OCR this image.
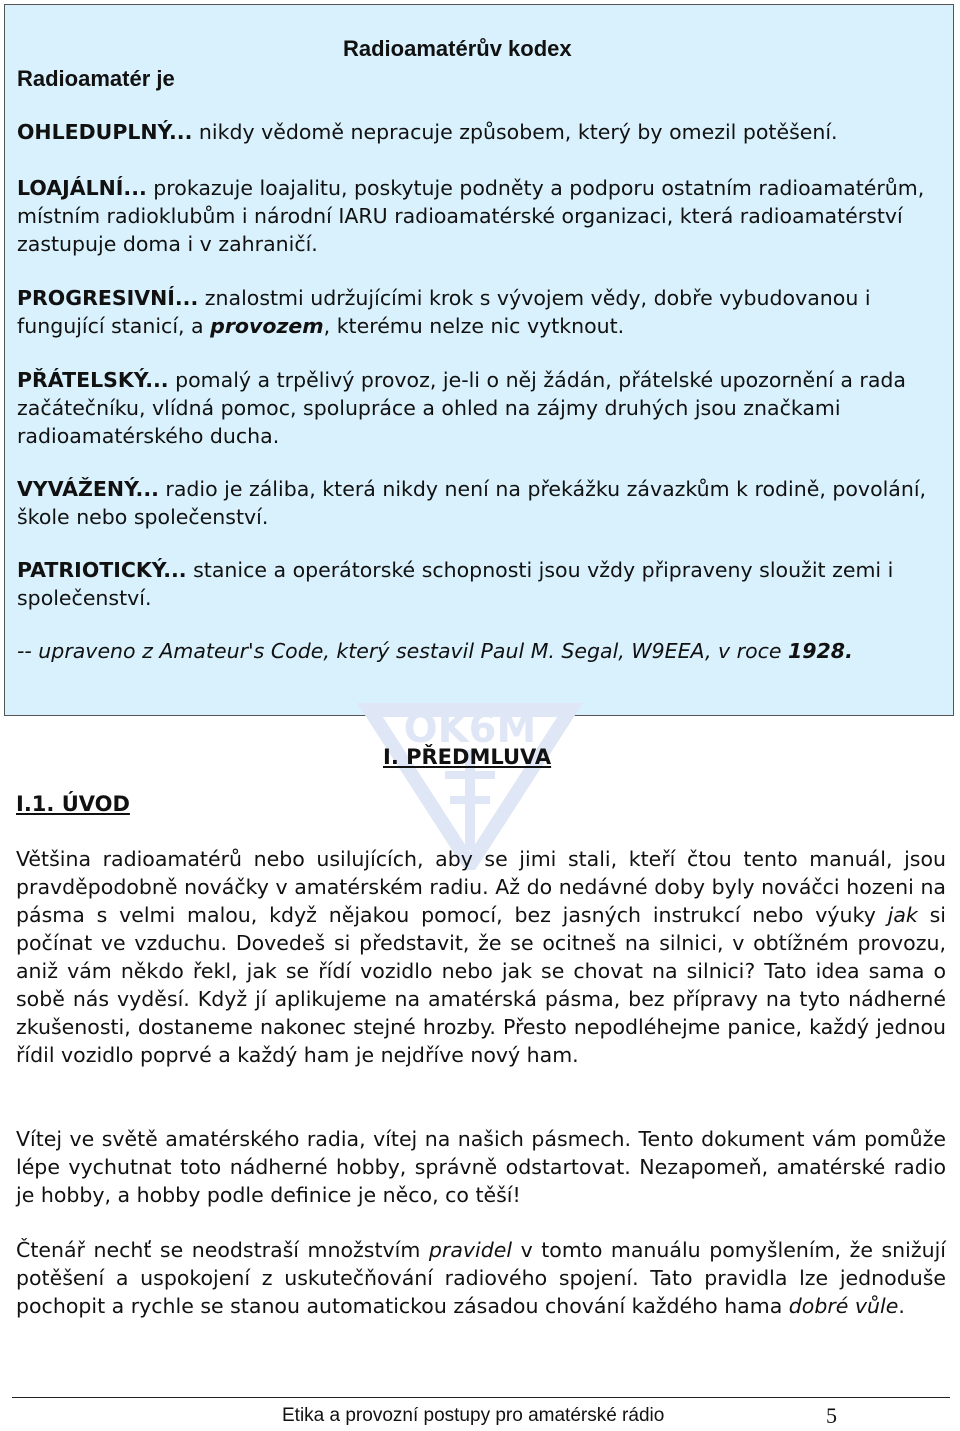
Radioamatérův kodex
Radioamatér je

OHLEDUPLNÝ... nikdy vědomě nepracuje způsobem, který by omezil potěšení.

LOAJÁLNÍ... prokazuje loajalitu, poskytuje podněty a podporu ostatním radioamatérům, místním radioklubům i národní IARU radioamatérské organizaci, která radioamatérství zastupuje doma i v zahraničí.

PROGRESIVNÍ... znalostmi udržujícími krok s vývojem vědy, dobře vybudovanou i fungující stanicí, a provozem, kterému nelze nic vytknout.

PŘÁTELSKÝ... pomalý a trpělivý provoz, je-li o něj žádán, přátelské upozornění a rada začátečníku, vlídná pomoc, spolupráce a ohled na zájmy druhých jsou značkami radioamatérského ducha.

VYVÁŽENÝ... radio je záliba, která nikdy není na překážku závazkům k rodině, povolání, škole nebo společenství.

PATRIOTICKÝ... stanice a operátorské schopnosti jsou vždy připraveny sloužit zemi i společenství.

-- upraveno z Amateur's Code, který sestavil Paul M. Segal, W9EEA, v roce 1928.

OK6M
I. PŘEDMLUVA
I.1. ÚVOD

Většina radioamatérů nebo usilujících, aby se jimi stali, kteří čtou tento manuál, jsou pravděpodobně nováčky v amatérském radiu. Až do nedávné doby byly nováčci hozeni na pásma s velmi malou, když nějakou pomocí, bez jasných instrukcí nebo výuky jak si počínat ve vzduchu. Dovedeš si představit, že se ocitneš na silnici, v obtížném provozu, aniž vám někdo řekl, jak se řídí vozidlo nebo jak se chovat na silnici? Tato idea sama o sobě nás vyděsí. Když jí aplikujeme na amatérská pásma, bez přípravy na tyto nádherné zkušenosti, dostaneme nakonec stejné hrozby. Přesto nepodléhejme panice, každý jednou řídil vozidlo poprvé a každý ham je nejdříve nový ham.

Vítej ve světě amatérského radia, vítej na našich pásmech. Tento dokument vám pomůže lépe vychutnat toto nádherné hobby, správně odstartovat. Nezapomeň, amatérské radio je hobby, a hobby podle definice je něco, co těší!

Čtenář nechť se neodstraší množstvím pravidel v tomto manuálu pomyšlením, že snižují potěšení a uspokojení z uskutečňování radiového spojení. Tato pravidla lze jednoduše pochopit a rychle se stanou automatickou zásadou chování každého hama dobré vůle.

Etika a provozní postupy pro amatérské rádio	5
